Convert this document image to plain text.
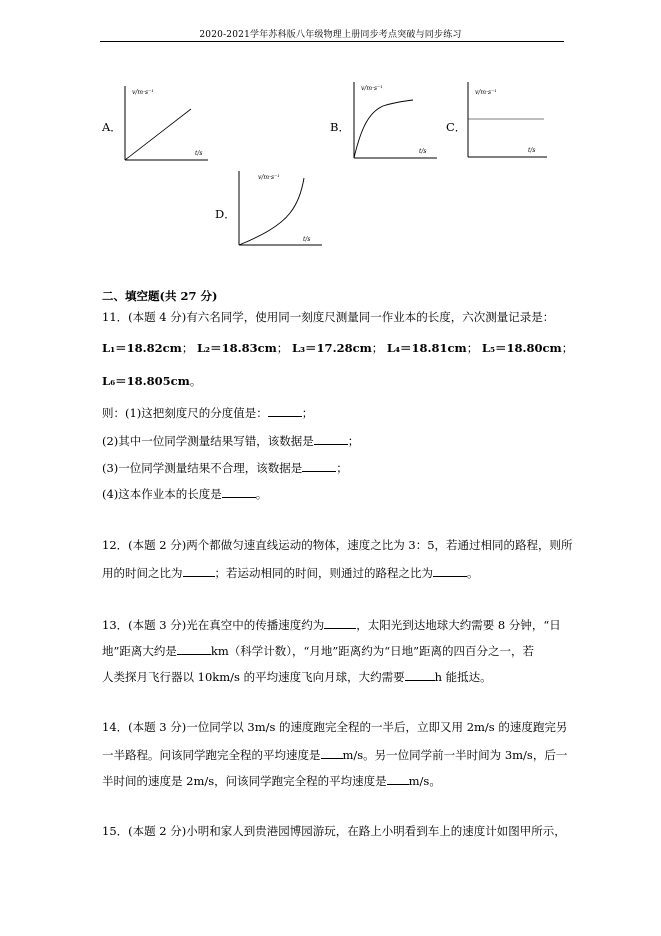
2020-2021学年苏科版八年级物理上册同步考点突破与同步练习
A．
v/m·s⁻¹
t/s
B．
v/m·s⁻¹
t/s
C．
v/m·s⁻¹
t/s
D．
v/m·s⁻¹
t/s
二、填空题(共 27 分)
11．(本题 4 分)有六名同学，使用同一刻度尺测量同一作业本的长度，六次测量记录是：
L₁＝18.82cm； L₂＝18.83cm； L₃＝17.28cm； L₄＝18.81cm； L₅＝18.80cm；
L₆＝18.805cm。
则：(1)这把刻度尺的分度值是：	；
(2)其中一位同学测量结果写错，该数据是	；
(3)一位同学测量结果不合理，该数据是	；
(4)这本作业本的长度是	。
12．(本题 2 分)两个都做匀速直线运动的物体，速度之比为 3：5，若通过相同的路程，则所
用的时间之比为	；若运动相同的时间，则通过的路程之比为	。
13．(本题 3 分)光在真空中的传播速度约为	，太阳光到达地球大约需要 8 分钟，“日
地”距离大约是	km（科学计数），“月地”距离约为“日地”距离的四百分之一，若
人类探月飞行器以 10km/s 的平均速度飞向月球，大约需要	h 能抵达。
14．(本题 3 分)一位同学以 3m/s 的速度跑完全程的一半后，立即又用 2m/s 的速度跑完另
一半路程。问该同学跑完全程的平均速度是 m/s。另一位同学前一半时间为 3m/s，后一
半时间的速度是 2m/s，问该同学跑完全程的平均速度是 m/s。
15．(本题 2 分)小明和家人到贵港园博园游玩，在路上小明看到车上的速度计如图甲所示，
